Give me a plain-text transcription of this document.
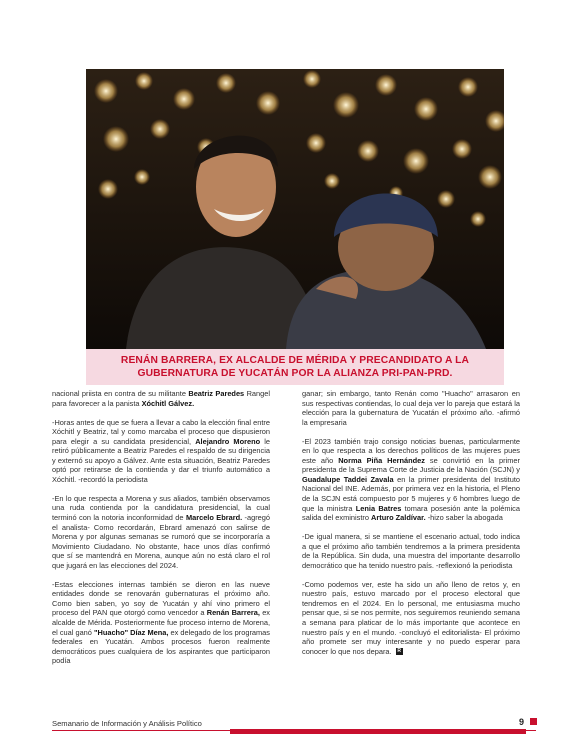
RENÁN BARRERA, EX ALCALDE DE MÉRIDA Y PRECANDIDATO A LA GUBERNATURA DE YUCATÁN POR LA ALIANZA PRI-PAN-PRD.

nacional priista en contra de su militante Beatriz Paredes Rangel para favorecer a la panista Xóchitl Gálvez.

-Horas antes de que se fuera a llevar a cabo la elección final entre Xóchitl y Beatriz, tal y como marcaba el proceso que dispusieron para elegir a su candidata presidencial, Alejandro Moreno le retiró públicamente a Beatriz Paredes el respaldo de su dirigencia y externó su apoyo a Gálvez. Ante esta situación, Beatriz Paredes optó por retirarse de la contienda y dar el triunfo automático a Xóchitl. -recordó la periodista

-En lo que respecta a Morena y sus aliados, también observamos una ruda contienda por la candidatura presidencial, la cual terminó con la notoria inconformidad de Marcelo Ebrard. -agregó el analista- Como recordarán, Ebrard amenazó con salirse de Morena y por algunas semanas se rumoró que se incorporaría a Movimiento Ciudadano. No obstante, hace unos días confirmó que sí se mantendrá en Morena, aunque aún no está claro el rol que jugará en las elecciones del 2024.

-Estas elecciones internas también se dieron en las nueve entidades donde se renovarán gubernaturas el próximo año. Como bien saben, yo soy de Yucatán y ahí vino primero el proceso del PAN que otorgó como vencedor a Renán Barrera, ex alcalde de Mérida. Posteriormente fue proceso interno de Morena, el cual ganó "Huacho" Díaz Mena, ex delegado de los programas federales en Yucatán. Ambos procesos fueron realmente democráticos pues cualquiera de los aspirantes que participaron podía

ganar; sin embargo, tanto Renán como "Huacho" arrasaron en sus respectivas contiendas, lo cual deja ver lo pareja que estará la elección para la gubernatura de Yucatán el próximo año. -afirmó la empresaria

-El 2023 también trajo consigo noticias buenas, particularmente en lo que respecta a los derechos políticos de las mujeres pues este año Norma Piña Hernández se convirtió en la primer presidenta de la Suprema Corte de Justicia de la Nación (SCJN) y Guadalupe Taddei Zavala en la primer presidenta del Instituto Nacional del INE. Además, por primera vez en la historia, el Pleno de la SCJN está compuesto por 5 mujeres y 6 hombres luego de que la ministra Lenia Batres tomara posesión ante la polémica salida del exministro Arturo Zaldívar. -hizo saber la abogada

-De igual manera, si se mantiene el escenario actual, todo indica a que el próximo año también tendremos a la primera presidenta de la República. Sin duda, una muestra del importante desarrollo democrático que ha tenido nuestro país. -reflexionó la periodista

-Como podemos ver, este ha sido un año lleno de retos y, en nuestro país, estuvo marcado por el proceso electoral que tendremos en el 2024. En lo personal, me entusiasma mucho pensar que, si se nos permite, nos seguiremos reuniendo semana a semana para platicar de lo más importante que acontece en nuestro país y en el mundo. -concluyó el editorialista- El próximo año promete ser muy interesante y no puedo esperar para conocer lo que nos depara. R

Semanario de Información y Análisis Político	9
